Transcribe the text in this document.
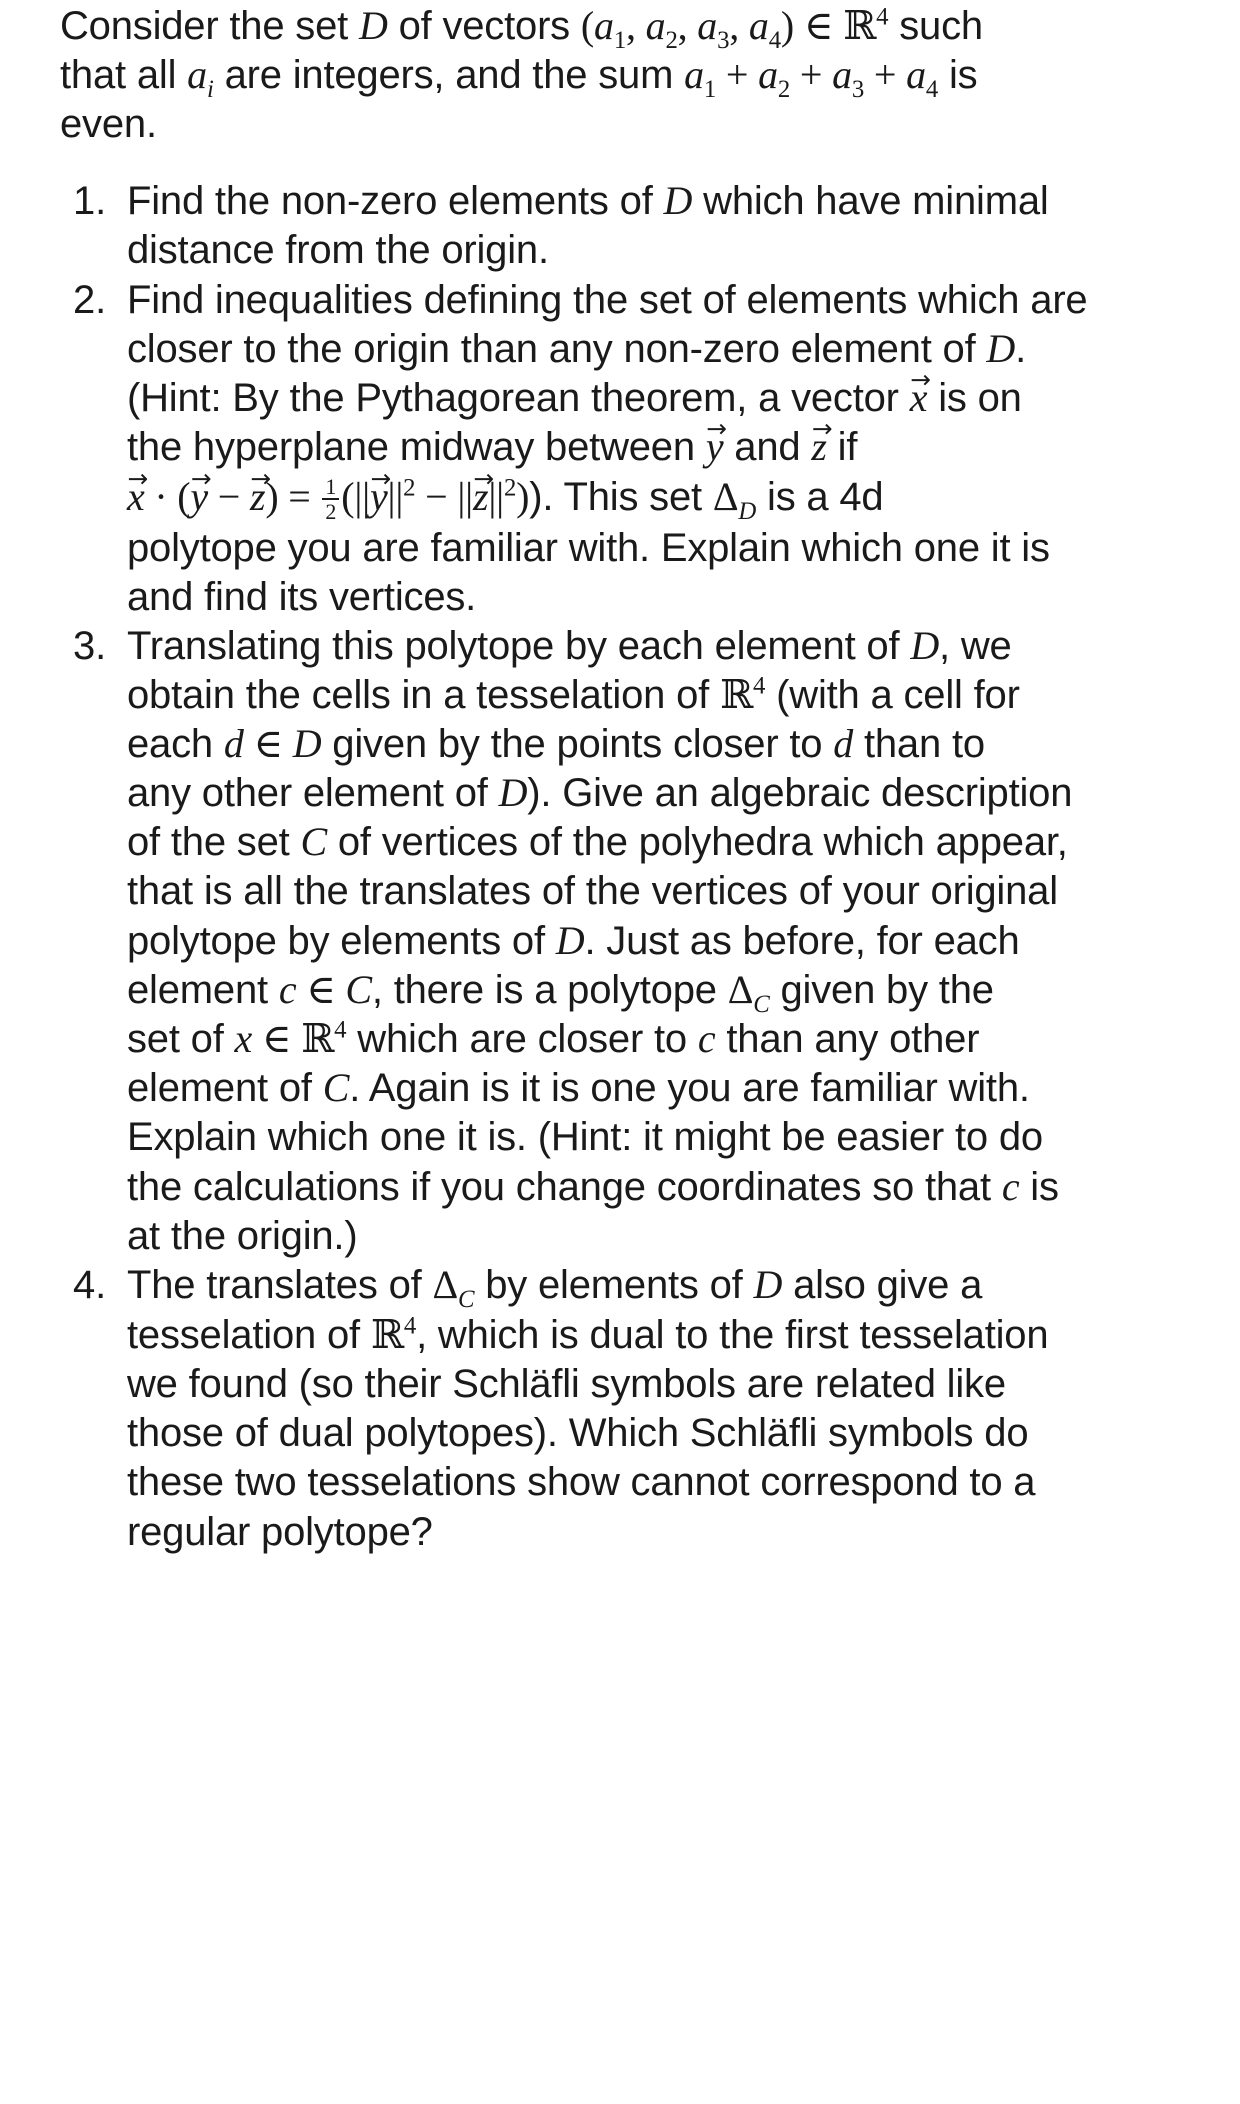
Consider the set D of vectors ($a_1$, $a_2$, $a_3$, $a_4$) ∈ ℝ$^4$ such
that all $a_i$ are integers, and the sum $a_1 + a_2 + a_3 + a_4$ is
even.
1. Find the non-zero elements of D which have minimal
distance from the origin.
2. Find inequalities defining the set of elements which are
closer to the origin than any non-zero element of D.
(Hint: By the Pythagorean theorem, a vector → x is on
the hyperplane midway between → y and → z if
→ x · (→ y − → $z) = \frac{1}{2}$ (||→ $y||^2$ − ||→ $z||^2$)). This set $\Delta_D$ is a 4d
polytope you are familiar with. Explain which one it is
and find its vertices.
3. Translating this polytope by each element of D, we
obtain the cells in a tesselation of ℝ$^4$ (with a cell for
each d ∈ D given by the points closer to d than to
any other element of D). Give an algebraic description
of the set C of vertices of the polyhedra which appear,
that is all the translates of the vertices of your original
polytope by elements of D. Just as before, for each
element c ∈ C, there is a polytope $\Delta_C$ given by the
set of x ∈ ℝ$^4$ which are closer to c than any other
element of C. Again is it is one you are familiar with.
Explain which one it is. (Hint: it might be easier to do
the calculations if you change coordinates so that c is
at the origin.)
4. The translates of $\Delta_C$ by elements of D also give a
tesselation of ℝ$^4$, which is dual to the first tesselation
we found (so their Schläfli symbols are related like
those of dual polytopes). Which Schläfli symbols do
these two tesselations show cannot correspond to a
regular polytope?
